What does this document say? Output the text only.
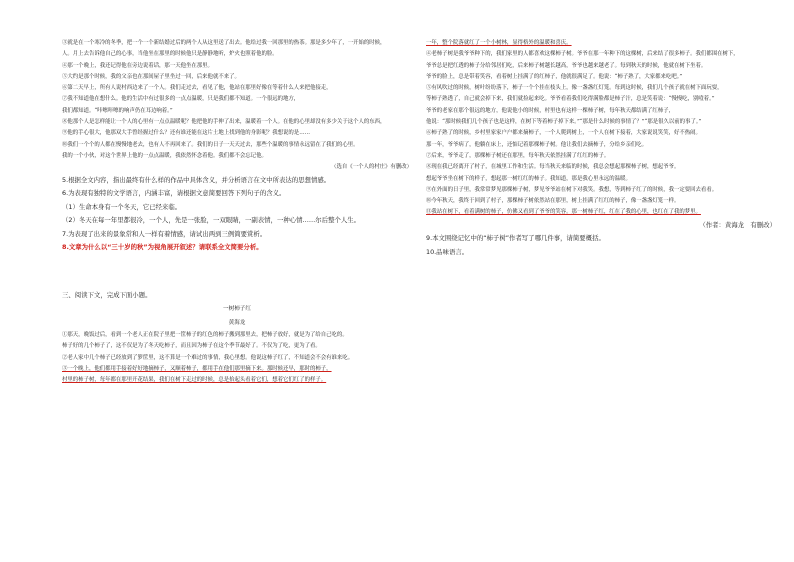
③就是在一个寒冷的冬季，把一个一个新结婚过后的两个人从这里送了出去。他给过我一回那里的热茶。那是多少年了，一开始的时候，

人。月上去告诉他自己的心事，当他坐在那里的时候他只是静静地听，炉火也照着他的脸。

④那一个晚上，我还记得他在旁边说着话，那一天他坐在那里。

⑤大约是那个时候，我的父亲也在那间屋子里坐过一回，后来他就不来了。

⑥第二天早上，所有人说村西边来了一个人。我们走过去，看见了他，他站在那里好像在等着什么人来把他接走，

⑦我不知道他在想什么。他的生活中有过很多的一点点温暖，只是我们都不知道。一个很远的地方，

我们都知道。“咔嚓咔嚓的响声仍在耳边响着。”

⑧他那个人是怎样能让一个人的心里有一点点温暖呢？他把他的手伸了出来，温暖着一个人。在他的心里却没有多少关于这个人的东西，

⑨他的手心很大，他那双大手曾经握过什么？还有谁还能在这片土地上找到他的身影呢？我想说的是……

⑩我们一个个的人都在慢慢地老去，也有人不再回来了。我们的日子一天天过去，那些个温暖的事情永远留在了我们的心里。

我的一个小伙，对这个世界上他的一点点温暖，我依然怀念着他。我们都不会忘记他。

（选自《一个人的村庄》有删改）

5.根据全文内容，指出最终有什么样的作品中具体含义，并分析语言在文中所表达的思想情感。

6.为表现有独特的文学语言，内涵丰富，请根据文意简要回答下列句子的含义。

（1）生命本身有一个冬天，它已经来临。

（2）冬天在每一年里都很冷，一个人，先是一张脸，一双眼睛，一副表情，一种心情……尔后整个人生。

7.为表现了出来的景象常和人一样有着情感，请试出两到三例简要赏析。

8.文章为什么以“三十岁的秋”为视角展开叙述？请联系全文简要分析。

三、阅读下文，完成下面小题。

一树柿子红

黄海龙

①那天，晚饭过后，看到一个老人正在院子里把一筐柿子的红色的柿子搬到那里去，把柿子放好，就是为了给自己吃的。

柿子好的几个柿子了，这不仅是为了冬天吃柿子，而且因为柿子在这个季节最好了。不仅为了吃，更为了看。

②老人家中几个柿子已经放到了箩筐里，这不算是一个难过的事情，我心里想。他说这柿子红了，不知道会不会有谁来吃。

③一个晚上，他们都用手接着好好地摘柿子，又顺着柿子，都用手在他们那里摘下来。那时候还早，那时的柿子，

村里的柿子树，每年都在那里开花结果，我们在树下走过的时候，总是抬起头看着它们，想着它们红了的样子。

一年，整个院落就红了一个小树林，显得格外的温暖和喜庆。

④老柿子树是我爷爷种下的，我们家里的人都喜欢这棵柿子树。爷爷在那一年种下的这棵树，后来结了很多柿子。我们都围在树下，

爷爷总是把红透的柿子分给邻居们吃，后来柿子树越长越高，爷爷也越来越老了。每到秋天的时候，他就在树下坐着。

爷爷的脸上，总是带着笑容，看着树上挂满了的红柿子，他就很满足了。他说：“柿子熟了，大家都来吃吧。”

⑤有风吹过的时候，树叶纷纷落下，柿子一个个挂在枝头上，像一盏盏红灯笼。每到这时候，我们几个孩子就在树下面玩耍，

等柿子熟透了，自己就会掉下来，我们就捡起来吃。爷爷看着我们吃得满脸都是柿子汁，总是笑着说：“慢慢吃，别噎着。”

爷爷的老家在那个很远的地方，他说他小的时候，村里也有这样一棵柿子树，每年秋天都结满了红柿子，

他说：“那时候我们几个孩子也是这样，在树下等着柿子掉下来。”“那是什么时候的事情了？”“那是很久以前的事了。”

⑥柿子熟了的时候，乡村里家家户户都来摘柿子，一个人爬到树上，一个人在树下接着，大家说说笑笑，好不热闹。

那一年，爷爷病了，他躺在床上，还惦记着那棵柿子树。他让我们去摘柿子，分给乡亲们吃。

⑦后来，爷爷走了，那棵柿子树还在那里，每年秋天依然挂满了红红的柿子。

⑧现在我已经离开了村子，在城里工作和生活。每当秋天来临的时候，我总会想起那棵柿子树，想起爷爷。

想起爷爷坐在树下的样子，想起那一树红红的柿子。我知道，那是我心里永远的温暖。

⑨在外面的日子里，我常常梦见那棵柿子树，梦见爷爷站在树下对我笑。我想，等到柿子红了的时候，我一定要回去看看。

⑩今年秋天，我终于回到了村子，那棵柿子树依然站在那里，树上挂满了红红的柿子，像一盏盏灯笼一样。

⑪我站在树下，看着满树的柿子，仿佛又看到了爷爷的笑容。那一树柿子红，红在了我的心里，也红在了我的梦里。

（作者：黄海龙　有删改）

9.本文围绕记忆中的“柿子树”作者写了哪几件事，请简要概括。

10.品味语言。
